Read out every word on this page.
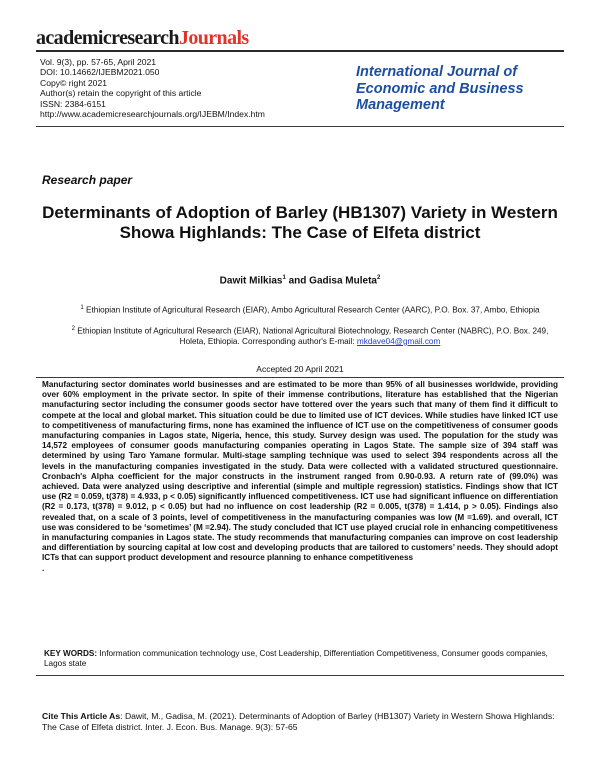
academicresearchJournals
Vol. 9(3), pp. 57-65, April 2021
DOI: 10.14662/IJEBM2021.050
Copy© right 2021
Author(s) retain the copyright of this article
ISSN: 2384-6151
http://www.academicresearchjournals.org/IJEBM/Index.htm
International Journal of Economic and Business Management
Research paper
Determinants of Adoption of Barley (HB1307) Variety in Western Showa Highlands: The Case of Elfeta district
Dawit Milkias$^1$ and Gadisa Muleta$^2$
$^1$ Ethiopian Institute of Agricultural Research (EIAR), Ambo Agricultural Research Center (AARC), P.O. Box. 37, Ambo, Ethiopia
$^2$ Ethiopian Institute of Agricultural Research (EIAR), National Agricultural Biotechnology, Research Center (NABRC), P.O. Box. 249, Holeta, Ethiopia. Corresponding author's E-mail: mkdave04@gmail.com
Accepted 20 April 2021
Manufacturing sector dominates world businesses and are estimated to be more than 95% of all businesses worldwide, providing over 60% employment in the private sector. In spite of their immense contributions, literature has established that the Nigerian manufacturing sector including the consumer goods sector have tottered over the years such that many of them find it difficult to compete at the local and global market. This situation could be due to limited use of ICT devices. While studies have linked ICT use to competitiveness of manufacturing firms, none has examined the influence of ICT use on the competitiveness of consumer goods manufacturing companies in Lagos state, Nigeria, hence, this study. Survey design was used. The population for the study was 14,572 employees of consumer goods manufacturing companies operating in Lagos State. The sample size of 394 staff was determined by using Taro Yamane formular. Multi-stage sampling technique was used to select 394 respondents across all the levels in the manufacturing companies investigated in the study. Data were collected with a validated structured questionnaire. Cronbach's Alpha coefficient for the major constructs in the instrument ranged from 0.90-0.93. A return rate of (99.0%) was achieved. Data were analyzed using descriptive and inferential (simple and multiple regression) statistics. Findings show that ICT use (R2 = 0.059, t(378) = 4.933, p < 0.05) significantly influenced competitiveness. ICT use had significant influence on differentiation (R2 = 0.173, t(378) = 9.012, p < 0.05) but had no influence on cost leadership (R2 = 0.005, t(378) = 1.414, p > 0.05). Findings also revealed that, on a scale of 3 points, level of competitiveness in the manufacturing companies was low (M =1.69). and overall, ICT use was considered to be ‘sometimes’ (M =2.94). The study concluded that ICT use played crucial role in enhancing competitiveness in manufacturing companies in Lagos state. The study recommends that manufacturing companies can improve on cost leadership and differentiation by sourcing capital at low cost and developing products that are tailored to customers’ needs. They should adopt ICTs that can support product development and resource planning to enhance competitiveness
.
KEY WORDS: Information communication technology use, Cost Leadership, Differentiation Competitiveness, Consumer goods companies, Lagos state
Cite This Article As: Dawit, M., Gadisa, M. (2021). Determinants of Adoption of Barley (HB1307) Variety in Western Showa Highlands: The Case of Elfeta district. Inter. J. Econ. Bus. Manage. 9(3): 57-65
